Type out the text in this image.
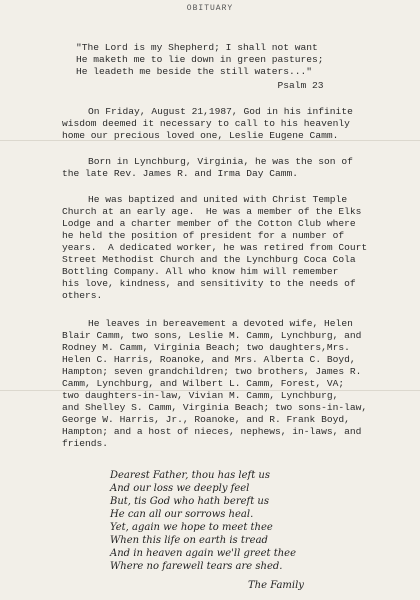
OBITUARY
"The Lord is my Shepherd; I shall not want
He maketh me to lie down in green pastures;
He leadeth me beside the still waters..."
Psalm 23
On Friday, August 21,1987, God in his infinite
wisdom deemed it necessary to call to his heavenly
home our precious loved one, Leslie Eugene Camm.
Born in Lynchburg, Virginia, he was the son of
the late Rev. James R. and Irma Day Camm.
He was baptized and united with Christ Temple
Church at an early age.  He was a member of the Elks
Lodge and a charter member of the Cotton Club where
he held the position of president for a number of
years.  A dedicated worker, he was retired from Court
Street Methodist Church and the Lynchburg Coca Cola
Bottling Company. All who know him will remember
his love, kindness, and sensitivity to the needs of
others.
He leaves in bereavement a devoted wife, Helen
Blair Camm, two sons, Leslie M. Camm, Lynchburg, and
Rodney M. Camm, Virginia Beach; two daughters,Mrs.
Helen C. Harris, Roanoke, and Mrs. Alberta C. Boyd,
Hampton; seven grandchildren; two brothers, James R.
Camm, Lynchburg, and Wilbert L. Camm, Forest, VA;
two daughters-in-law, Vivian M. Camm, Lynchburg,
and Shelley S. Camm, Virginia Beach; two sons-in-law,
George W. Harris, Jr., Roanoke, and R. Frank Boyd,
Hampton; and a host of nieces, nephews, in-laws, and
friends.
Dearest Father, thou has left us
And our loss we deeply feel
But, tis God who hath bereft us
He can all our sorrows heal.
Yet, again we hope to meet thee
When this life on earth is tread
And in heaven again we'll greet thee
Where no farewell tears are shed.
The Family
